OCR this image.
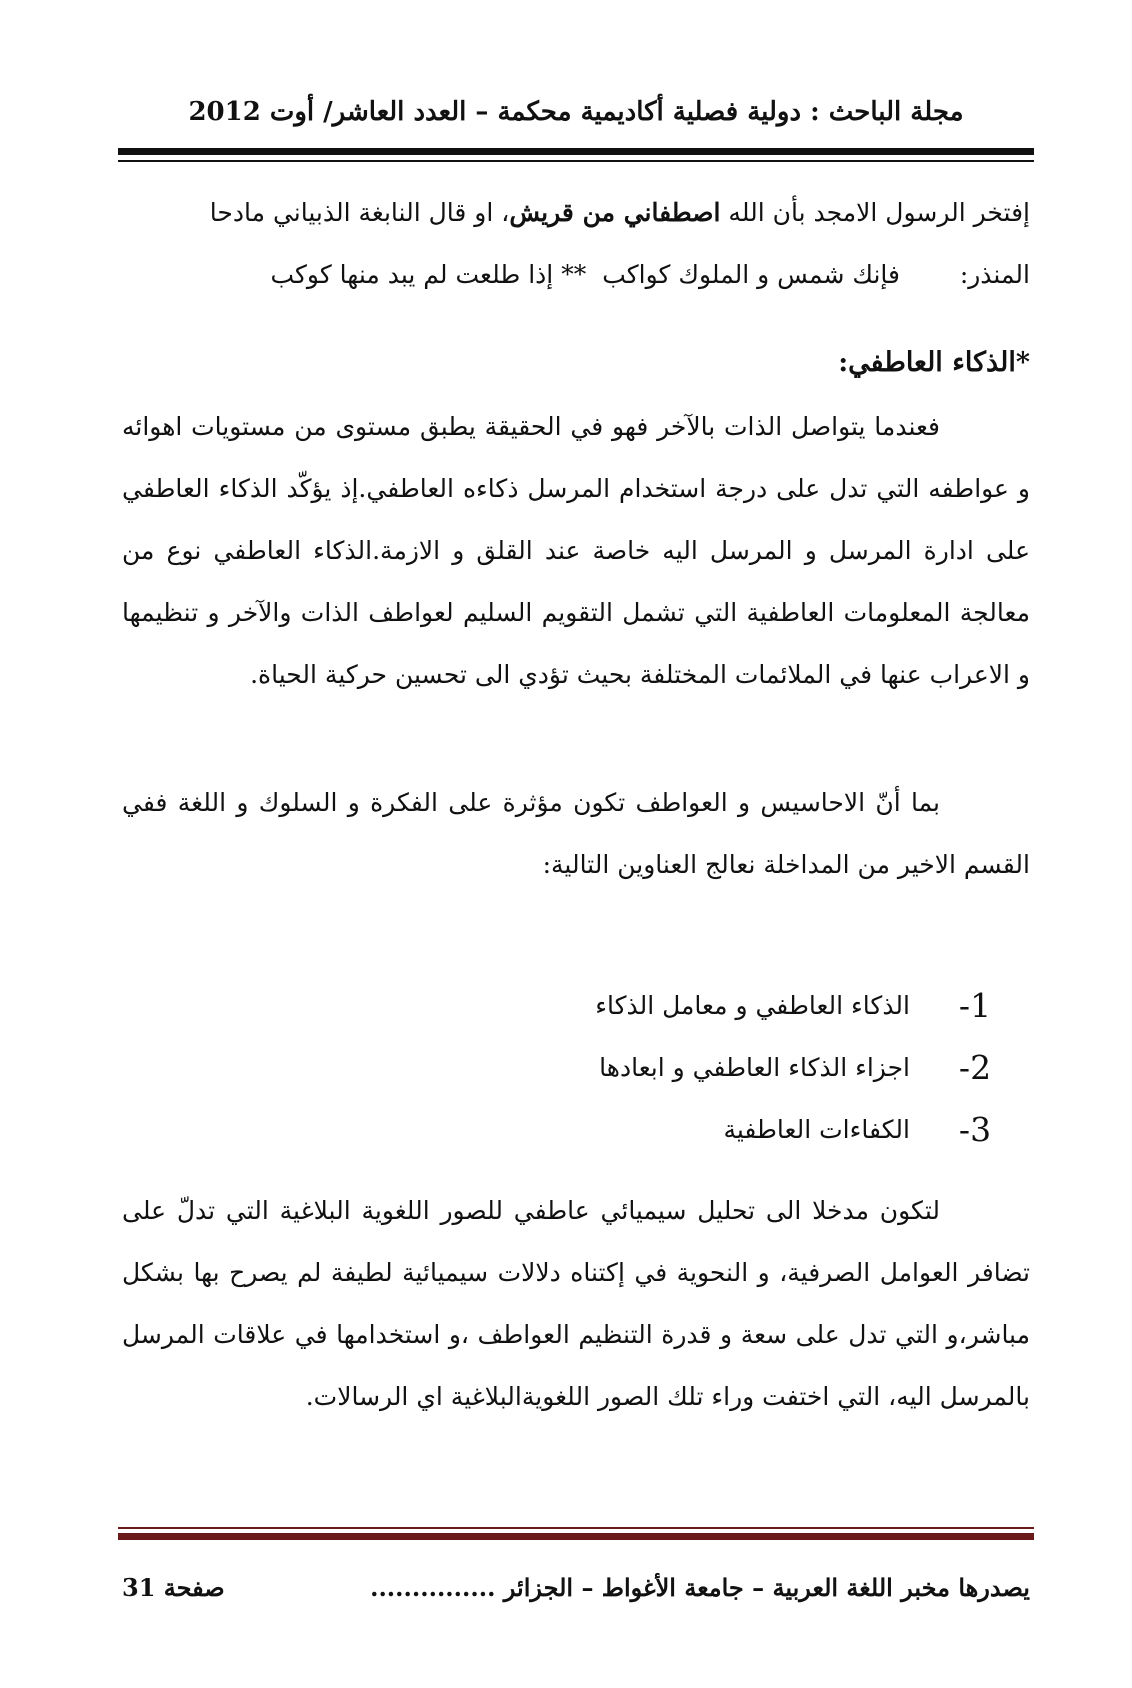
مجلة الباحث : دولية فصلية أكاديمية محكمة – العدد العاشر/ أوت 2012

إفتخر الرسول الامجد بأن الله اصطفاني من قريش، او قال النابغة الذبياني مادحا

المنذر:فإنك شمس و الملوك كواكب**إذا طلعت لم يبد منها كوكب

*الذكاء العاطفي:

فعندما يتواصل الذات بالآخر فهو في الحقيقة يطبق مستوى من مستويات اهوائه و عواطفه التي تدل على درجة استخدام المرسل ذكاءه العاطفي.إذ يؤكّد الذكاء العاطفي على ادارة المرسل و المرسل اليه خاصة عند القلق و الازمة.الذكاء العاطفي نوع من معالجة المعلومات العاطفية التي تشمل التقويم السليم لعواطف الذات والآخر و تنظيمها و الاعراب عنها في الملائمات المختلفة بحيث تؤدي الى تحسين حركية الحياة.

بما أنّ الاحاسيس و العواطف تكون مؤثرة على الفكرة و السلوك و اللغة ففي القسم الاخير من المداخلة نعالج العناوين التالية:

1-
الذكاء العاطفي و معامل الذكاء
2-
اجزاء الذكاء العاطفي و ابعادها
3-
الكفاءات العاطفية

لتكون مدخلا الى تحليل سيميائي عاطفي للصور اللغوية البلاغية التي تدلّ على تضافر العوامل الصرفية، و النحوية في إكتناه دلالات سيميائية لطيفة لم يصرح بها بشكل مباشر،و التي تدل على سعة و قدرة التنظيم العواطف ،و استخدامها في علاقات المرسل بالمرسل اليه، التي اختفت وراء تلك الصور اللغويةالبلاغية اي الرسالات.

يصدرها مخبر اللغة العربية – جامعة الأغواط – الجزائر ...............
صفحة 31
